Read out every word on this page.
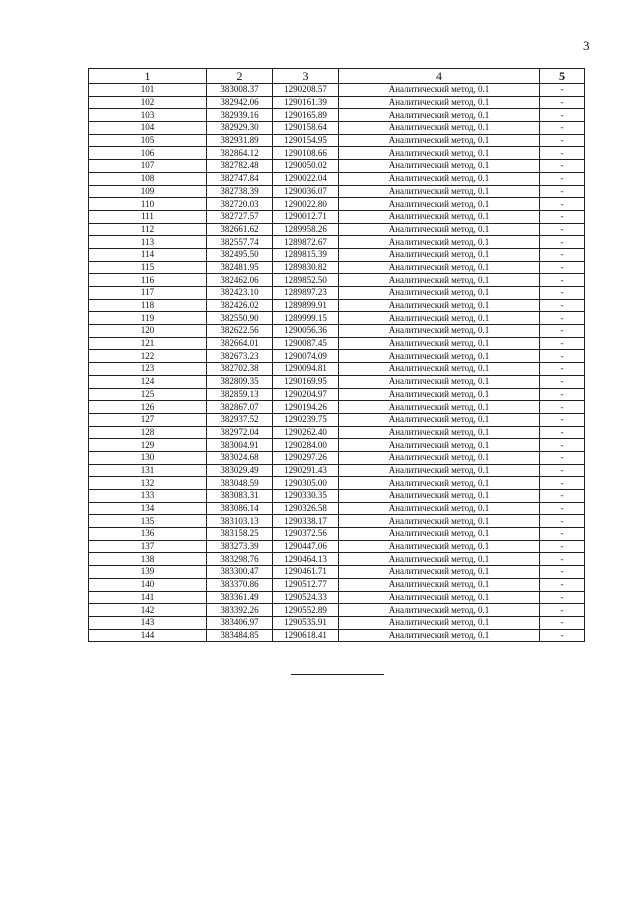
3
1	2	3	4	5
101	383008.37	1290208.57	Аналитический метод, 0.1	-
102	382942.06	1290161.39	Аналитический метод, 0.1	-
103	382939.16	1290165.89	Аналитический метод, 0.1	-
104	382929.30	1290158.64	Аналитический метод, 0.1	-
105	382931.89	1290154.95	Аналитический метод, 0.1	-
106	382864.12	1290108.66	Аналитический метод, 0.1	-
107	382782.48	1290050.02	Аналитический метод, 0.1	-
108	382747.84	1290022.04	Аналитический метод, 0.1	-
109	382738.39	1290036.07	Аналитический метод, 0.1	-
110	382720.03	1290022.80	Аналитический метод, 0.1	-
111	382727.57	1290012.71	Аналитический метод, 0.1	-
112	382661.62	1289958.26	Аналитический метод, 0.1	-
113	382557.74	1289872.67	Аналитический метод, 0.1	-
114	382495.50	1289815.39	Аналитический метод, 0.1	-
115	382481.95	1289830.82	Аналитический метод, 0.1	-
116	382462.06	1289852.50	Аналитический метод, 0.1	-
117	382423.10	1289897.23	Аналитический метод, 0.1	-
118	382426.02	1289899.91	Аналитический метод, 0.1	-
119	382550.90	1289999.15	Аналитический метод, 0.1	-
120	382622.56	1290056.36	Аналитический метод, 0.1	-
121	382664.01	1290087.45	Аналитический метод, 0.1	-
122	382673.23	1290074.09	Аналитический метод, 0.1	-
123	382702.38	1290094.81	Аналитический метод, 0.1	-
124	382809.35	1290169.95	Аналитический метод, 0.1	-
125	382859.13	1290204.97	Аналитический метод, 0.1	-
126	382867.07	1290194.26	Аналитический метод, 0.1	-
127	382937.52	1290239.75	Аналитический метод, 0.1	-
128	382972.04	1290262.40	Аналитический метод, 0.1	-
129	383004.91	1290284.00	Аналитический метод, 0.1	-
130	383024.68	1290297.26	Аналитический метод, 0.1	-
131	383029.49	1290291.43	Аналитический метод, 0.1	-
132	383048.59	1290305.00	Аналитический метод, 0.1	-
133	383083.31	1290330.35	Аналитический метод, 0.1	-
134	383086.14	1290326.58	Аналитический метод, 0.1	-
135	383103.13	1290338.17	Аналитический метод, 0.1	-
136	383158.25	1290372.56	Аналитический метод, 0.1	-
137	383273.39	1290447.06	Аналитический метод, 0.1	-
138	383298.76	1290464.13	Аналитический метод, 0.1	-
139	383300.47	1290461.71	Аналитический метод, 0.1	-
140	383370.86	1290512.77	Аналитический метод, 0.1	-
141	383361.49	1290524.33	Аналитический метод, 0.1	-
142	383392.26	1290552.89	Аналитический метод, 0.1	-
143	383406.97	1290535.91	Аналитический метод, 0.1	-
144	383484.85	1290618.41	Аналитический метод, 0.1	-
